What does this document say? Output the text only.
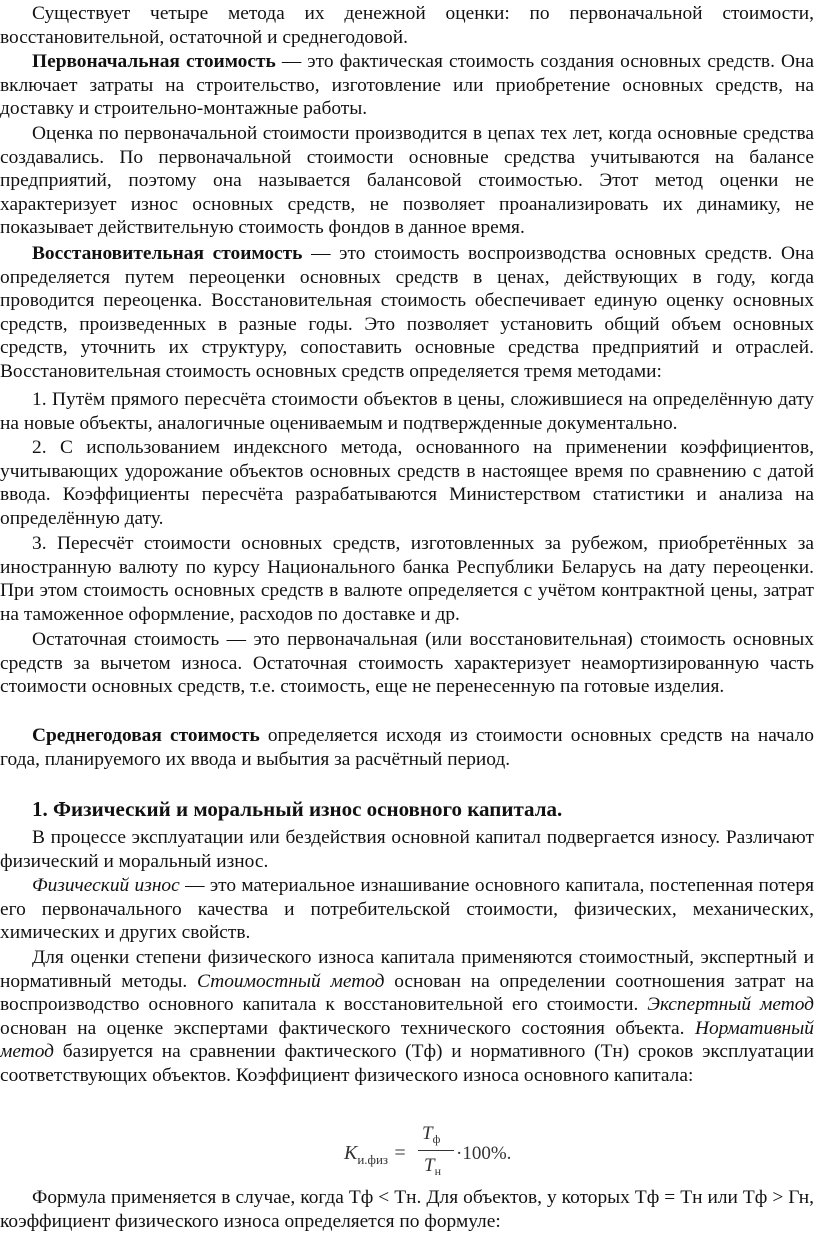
Существует четыре метода их денежной оценки: по первоначальной стоимости, восстановительной, остаточной и среднегодовой.

Первоначальная стоимость — это фактическая стоимость создания основных средств. Она включает затраты на строительство, изготовление или приобретение основных средств, на доставку и строительно-монтажные работы.

Оценка по первоначальной стоимости производится в цепах тех лет, когда основные средства создавались. По первоначальной стоимости основные средства учитываются на балансе предприятий, поэтому она называется балансовой стоимостью. Этот метод оценки не характеризует износ основных средств, не позволяет проанализировать их динамику, не показывает действительную стоимость фондов в данное время.

Восстановительная стоимость — это стоимость воспроизводства основных средств. Она определяется путем переоценки основных средств в ценах, действующих в году, когда проводится переоценка. Восстановительная стоимость обеспечивает единую оценку основных средств, произведенных в разные годы. Это позволяет установить общий объем основных средств, уточнить их структуру, сопоставить основные средства предприятий и отраслей. Восстановительная стоимость основных средств определяется тремя методами:

1. Путём прямого пересчёта стоимости объектов в цены, сложившиеся на определённую дату на новые объекты, аналогичные оцениваемым и подтвержденные документально.

2. С использованием индексного метода, основанного на применении коэффициентов, учитывающих удорожание объектов основных средств в настоящее время по сравнению с датой ввода. Коэффициенты пересчёта разрабатываются Министерством статистики и анализа на определённую дату.

3. Пересчёт стоимости основных средств, изготовленных за рубежом, приобретённых за иностранную валюту по курсу Национального банка Республики Беларусь на дату переоценки. При этом стоимость основных средств в валюте определяется с учётом контрактной цены, затрат на таможенное оформление, расходов по доставке и др.

Остаточная стоимость — это первоначальная (или восстановительная) стоимость основных средств за вычетом износа. Остаточная стоимость характеризует неамортизированную часть стоимости основных средств, т.е. стоимость, еще не перенесенную па готовые изделия.

Среднегодовая стоимость определяется исходя из стоимости основных средств на начало года, планируемого их ввода и выбытия за расчётный период.

1. Физический и моральный износ основного капитала.

В процессе эксплуатации или бездействия основной капитал подвергается износу. Различают физический и моральный износ.

Физический износ — это материальное изнашивание основного капитала, постепенная потеря его первоначального качества и потребительской стоимости, физических, механических, химических и других свойств.

Для оценки степени физического износа капитала применяются стоимостный, экспертный и нормативный методы. Стоимостный метод основан на определении соотношения затрат на воспроизводство основного капитала к восстановительной его стоимости. Экспертный метод основан на оценке экспертами фактического технического состояния объекта. Нормативный метод базируется на сравнении фактического (Тф) и нормативного (Тн) сроков эксплуатации соответствующих объектов. Коэффициент физического износа основного капитала:

$K_{и.физ}$ =
$T_ф$
$T_н$
·100%.

Формула применяется в случае, когда Тф < Тн. Для объектов, у которых Тф = Тн или Тф > Гн, коэффициент физического износа определяется по формуле:
